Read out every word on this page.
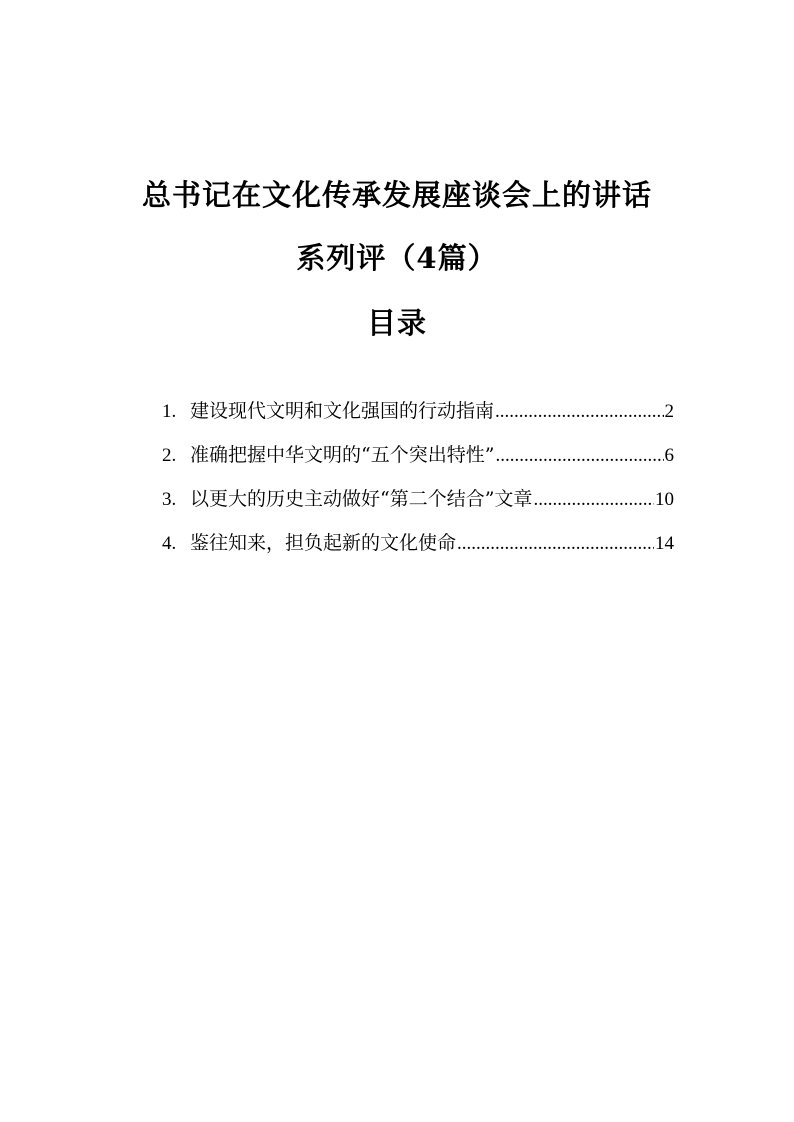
总书记在文化传承发展座谈会上的讲话
系列评（4篇）
目录
1. 建设现代文明和文化强国的行动指南 .....	2
2. 准确把握中华文明的“五个突出特性” .....	6
3. 以更大的历史主动做好“第二个结合”文章 .....	10
4. 鉴往知来，担负起新的文化使命 .....	14
